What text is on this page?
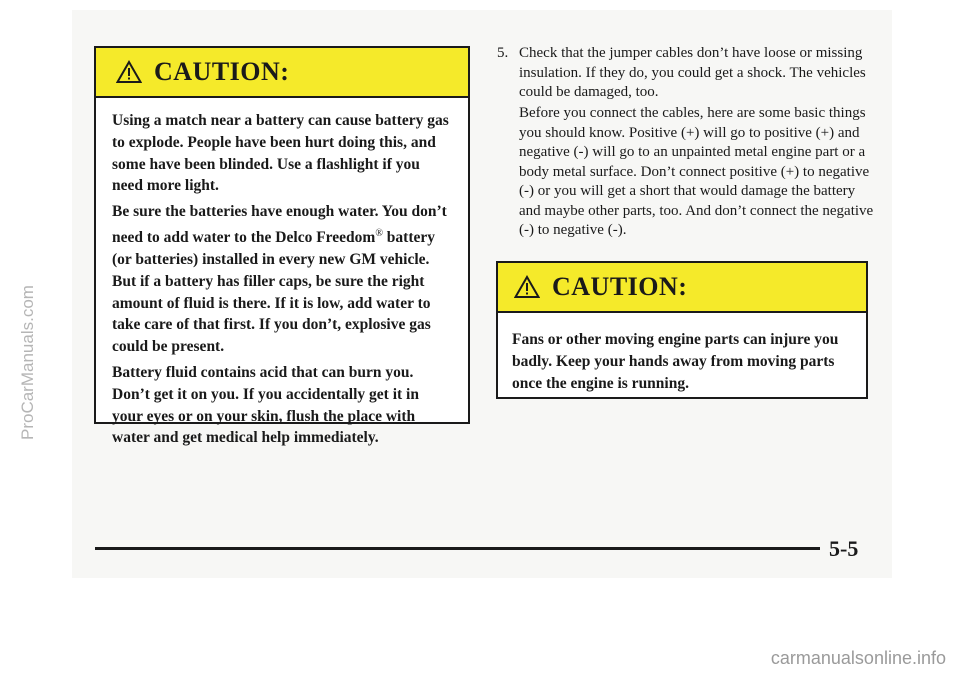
CAUTION:

Using a match near a battery can cause battery gas to explode. People have been hurt doing this, and some have been blinded. Use a flashlight if you need more light.

Be sure the batteries have enough water. You don’t need to add water to the Delco Freedom® battery (or batteries) installed in every new GM vehicle. But if a battery has filler caps, be sure the right amount of fluid is there. If it is low, add water to take care of that first. If you don’t, explosive gas could be present.

Battery fluid contains acid that can burn you. Don’t get it on you. If you accidentally get it in your eyes or on your skin, flush the place with water and get medical help immediately.

5. Check that the jumper cables don’t have loose or missing insulation. If they do, you could get a shock. The vehicles could be damaged, too.
Before you connect the cables, here are some basic things you should know. Positive (+) will go to positive (+) and negative (-) will go to an unpainted metal engine part or a body metal surface. Don’t connect positive (+) to negative (-) or you will get a short that would damage the battery and maybe other parts, too. And don’t connect the negative (-) to negative (-).
CAUTION:

Fans or other moving engine parts can injure you badly. Keep your hands away from moving parts once the engine is running.

5-5
ProCarManuals.com
carmanualsonline.info
